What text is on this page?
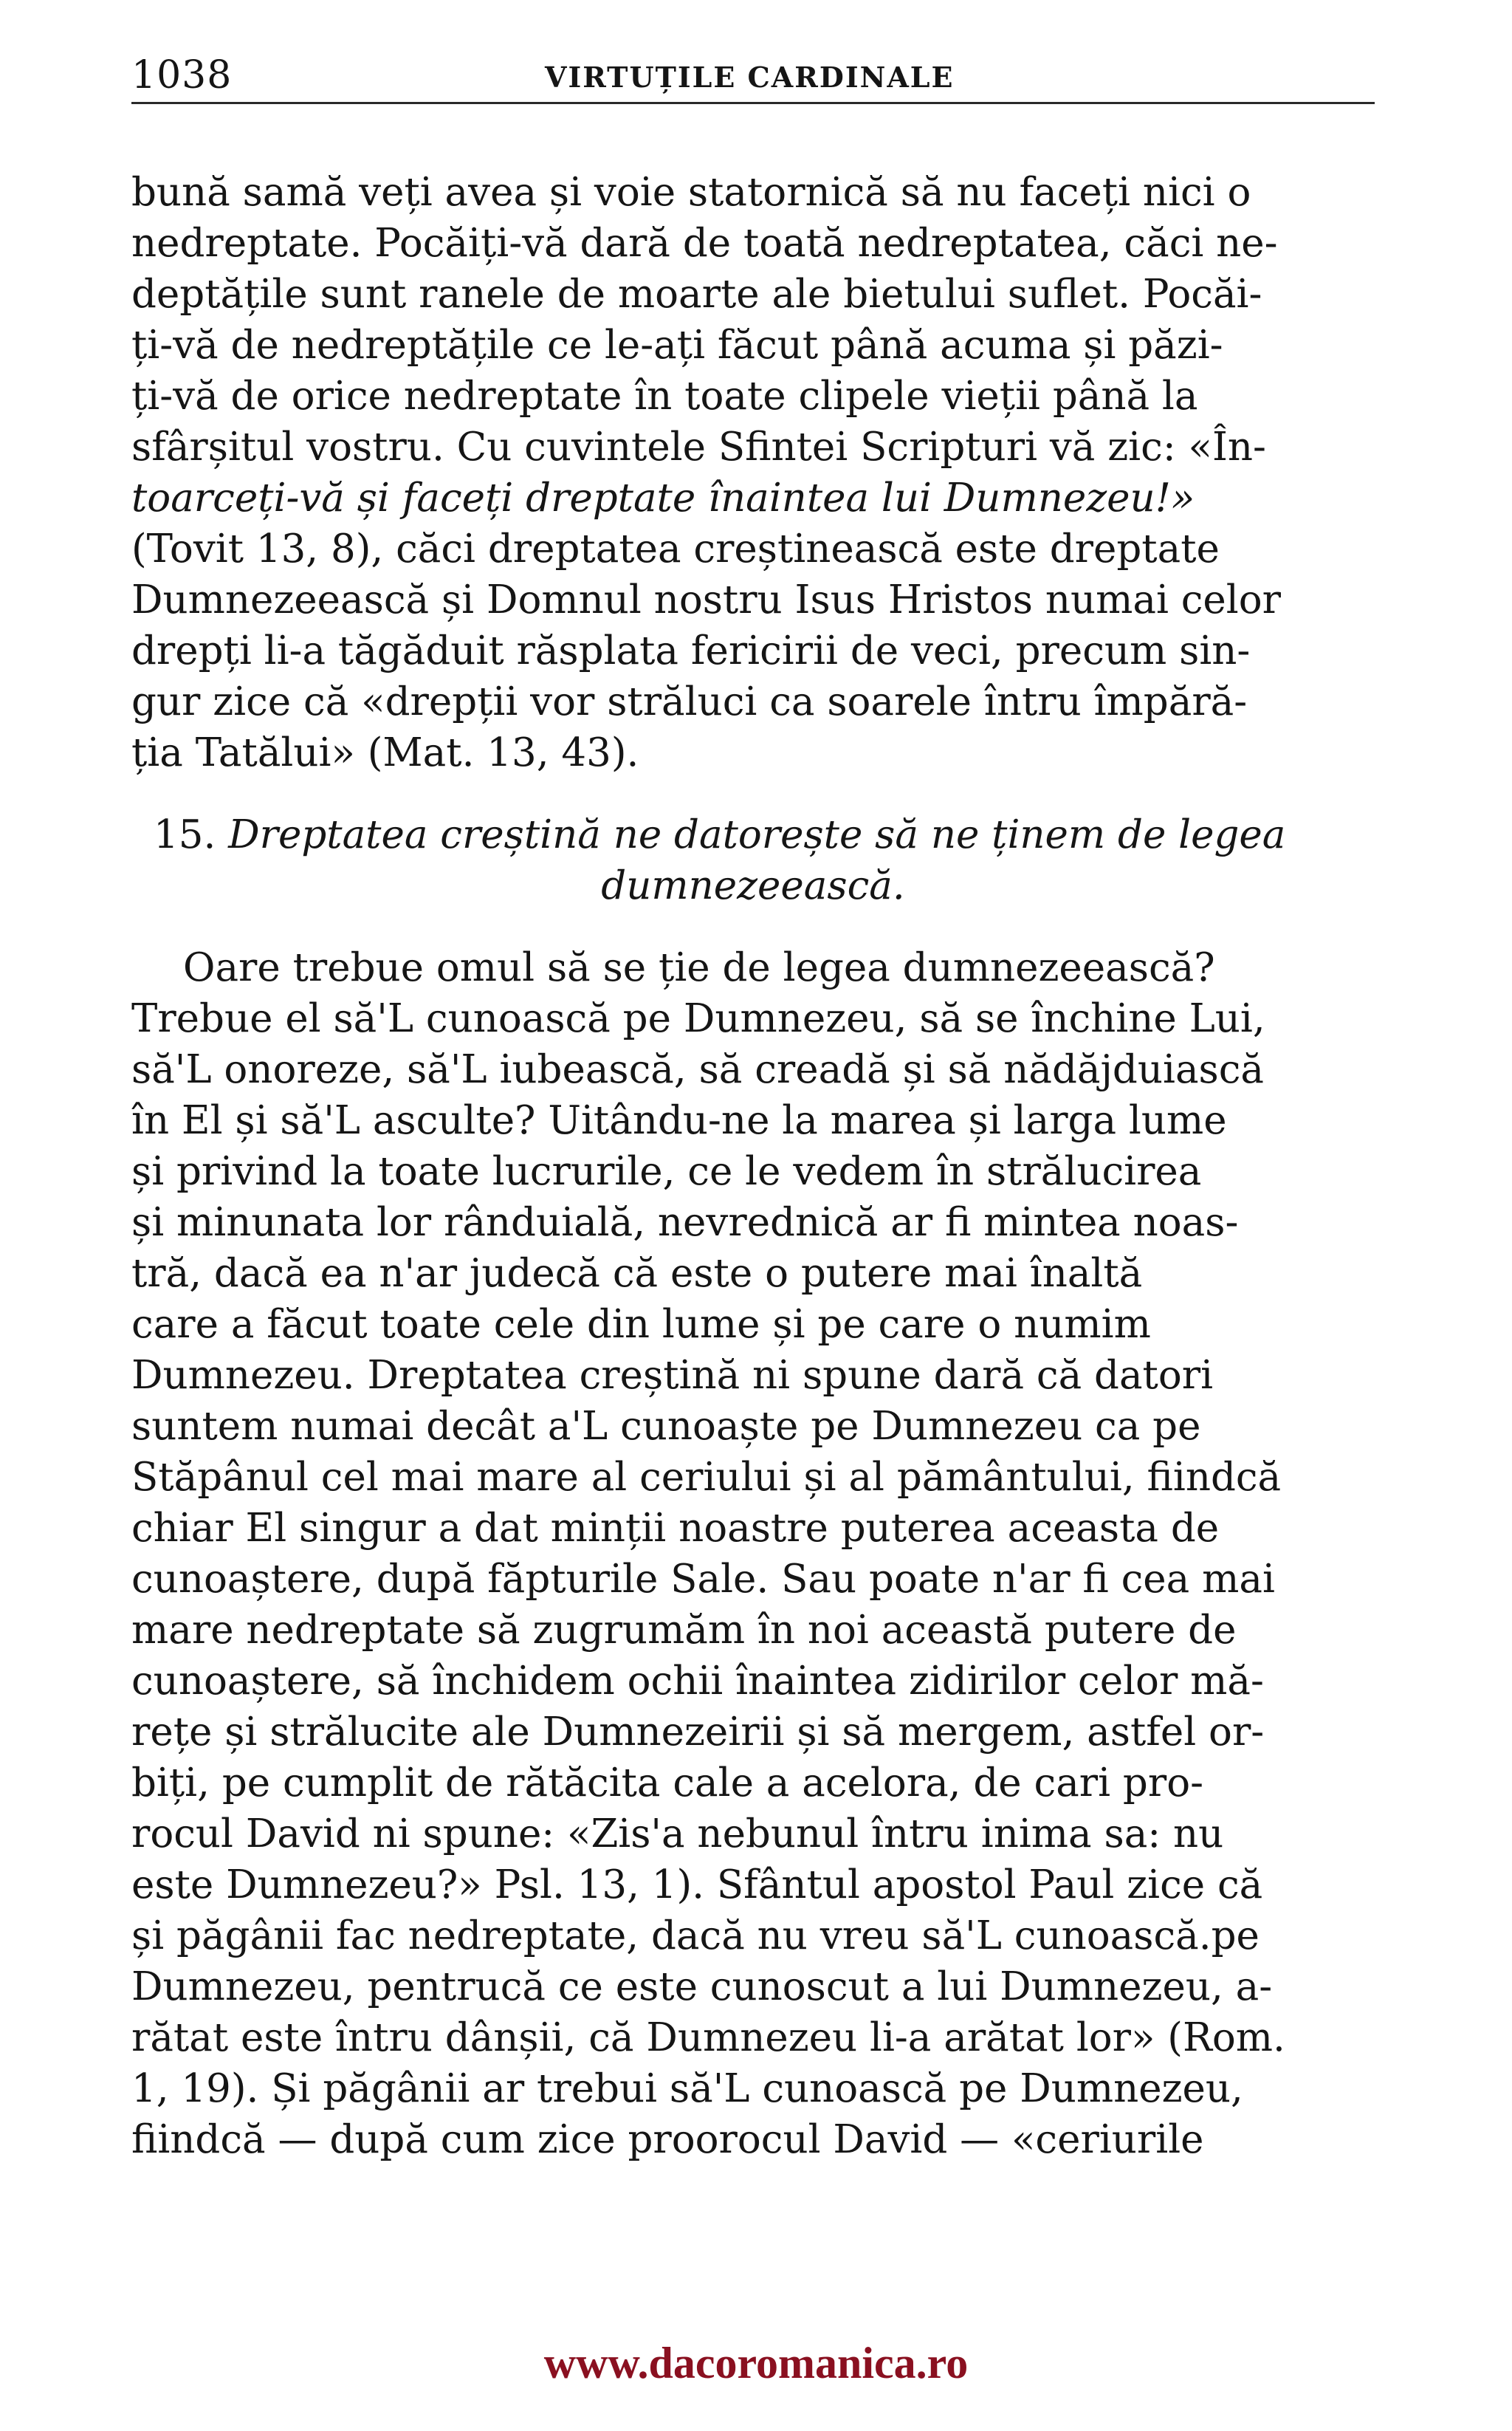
1038	VIRTUȚILE CARDINALE
bună samă veți avea și voie statornică să nu faceți nici o
nedreptate. Pocăiți-vă dară de toată nedreptatea, căci ne-
deptățile sunt ranele de moarte ale bietului suflet. Pocăi-
ți-vă de nedreptățile ce le-ați făcut până acuma și păzi-
ți-vă de orice nedreptate în toate clipele vieții până la
sfârșitul vostru. Cu cuvintele Sfintei Scripturi vă zic: «În-
toarceți-vă și faceți dreptate înaintea lui Dumnezeu!»
(Tovit 13, 8), căci dreptatea creștinească este dreptate
Dumnezeească și Domnul nostru Isus Hristos numai celor
drepți li-a tăgăduit răsplata fericirii de veci, precum sin-
gur zice că «drepții vor străluci ca soarele întru împără-
ția Tatălui» (Mat. 13, 43).
15. Dreptatea creștină ne datorește să ne ținem de legea
dumnezeească.
Oare trebue omul să se ție de legea dumnezeească?
Trebue el să'L cunoască pe Dumnezeu, să se închine Lui,
să'L onoreze, să'L iubească, să creadă și să nădăjduiască
în El și să'L asculte? Uitându-ne la marea și larga lume
și privind la toate lucrurile, ce le vedem în strălucirea
și minunata lor rânduială, nevrednică ar fi mintea noas-
tră, dacă ea n'ar judecă că este o putere mai înaltă
care a făcut toate cele din lume și pe care o numim
Dumnezeu. Dreptatea creștină ni spune dară că datori
suntem numai decât a'L cunoaște pe Dumnezeu ca pe
Stăpânul cel mai mare al ceriului și al pământului, fiindcă
chiar El singur a dat minții noastre puterea aceasta de
cunoaștere, după făpturile Sale. Sau poate n'ar fi cea mai
mare nedreptate să zugrumăm în noi această putere de
cunoaștere, să închidem ochii înaintea zidirilor celor mă-
rețe și strălucite ale Dumnezeirii și să mergem, astfel or-
biți, pe cumplit de rătăcita cale a acelora, de cari pro-
rocul David ni spune: «Zis'a nebunul întru inima sa: nu
este Dumnezeu?» Psl. 13, 1). Sfântul apostol Paul zice că
și păgânii fac nedreptate, dacă nu vreu să'L cunoască.pe
Dumnezeu, pentrucă ce este cunoscut a lui Dumnezeu, a-
rătat este întru dânșii, că Dumnezeu li-a arătat lor» (Rom.
1, 19). Și păgânii ar trebui să'L cunoască pe Dumnezeu,
fiindcă — după cum zice proorocul David — «ceriurile
www.dacoromanica.ro
